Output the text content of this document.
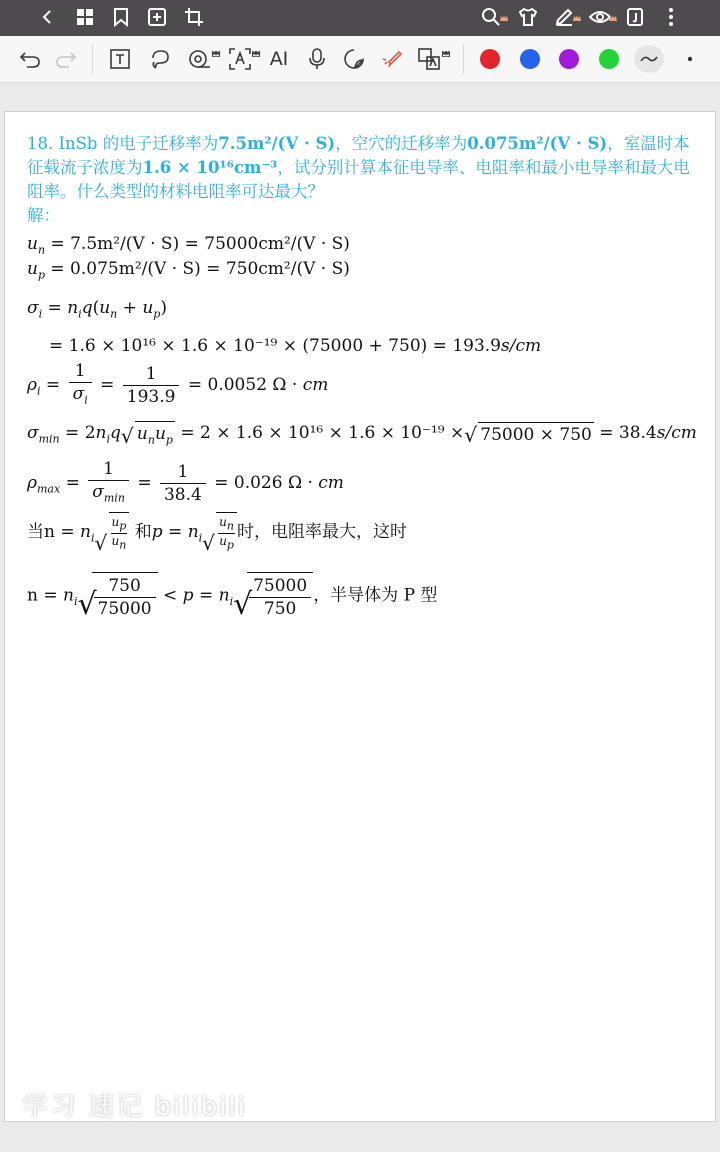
AI
18. InSb 的电子迁移率为7.5m²/(V · S)，空穴的迁移率为0.075m²/(V · S)，室温时本征载流子浓度为1.6 × 10¹⁶cm⁻³，试分别计算本征电导率、电阻率和最小电导率和最大电阻率。什么类型的材料电阻率可达最大？
解：
$u_n = 7.5m^2/(V \cdot S) = 75000cm^2/(V \cdot S)$
$u_p = 0.075m^2/(V \cdot S) = 750cm^2/(V \cdot S)$
$\sigma_i = n_iq(u_n + u_p)$
= 1.6 × 10¹⁶ × 1.6 × 10⁻¹⁹ × (75000 + 750) = 193.9s/cm
$\rho_i = \frac{1}{\sigma_i} = \frac{1}{193.9} = 0.0052$ Ω · cm
$\sigma_{min} = 2n_iq$ √ $u_nu_p = 2 \times 1.6 \times 10^{16} \times 1.6 \times 10^{-19}$ × √ 75000 × 750 = 38.4s/cm
$\rho_{max} = \frac{1}{\sigma_{min}} = \frac{1}{38.4} = 0.026$ Ω · cm
当$n = n_i$ √ $\frac{u_p}{u_n}$ 和$p = n_i$ √ $\frac{u_n}{u_p}$ 时，电阻率最大，这时
$n = n_i$ √
$\frac{750}{75000} < p = n_i$ √
$\frac{75000}{750}$ ，半导体为 P 型
学习 速记 bilibili
